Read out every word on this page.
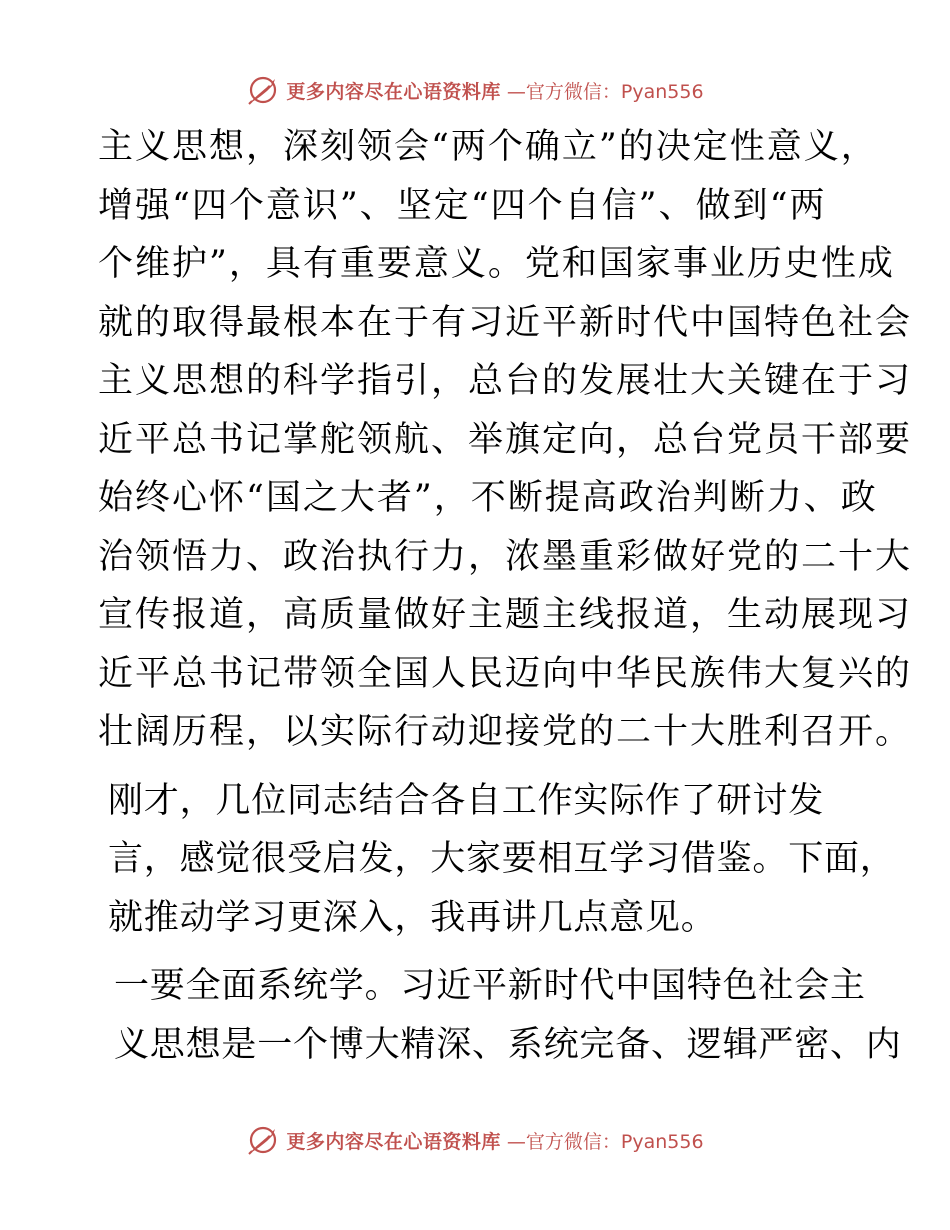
更多内容尽在心语资料库 —官方微信：Pyan556

主义思想，深刻领会“两个确立”的决定性意义，
增强“四个意识”、坚定“四个自信”、做到“两
个维护”，具有重要意义。党和国家事业历史性成
就的取得最根本在于有习近平新时代中国特色社会
主义思想的科学指引，总台的发展壮大关键在于习
近平总书记掌舵领航、举旗定向，总台党员干部要
始终心怀“国之大者”，不断提高政治判断力、政
治领悟力、政治执行力，浓墨重彩做好党的二十大
宣传报道，高质量做好主题主线报道，生动展现习
近平总书记带领全国人民迈向中华民族伟大复兴的
壮阔历程，以实际行动迎接党的二十大胜利召开。

刚才，几位同志结合各自工作实际作了研讨发
言，感觉很受启发，大家要相互学习借鉴。下面，
就推动学习更深入，我再讲几点意见。

一要全面系统学。习近平新时代中国特色社会主
义思想是一个博大精深、系统完备、逻辑严密、内

更多内容尽在心语资料库 —官方微信：Pyan556
